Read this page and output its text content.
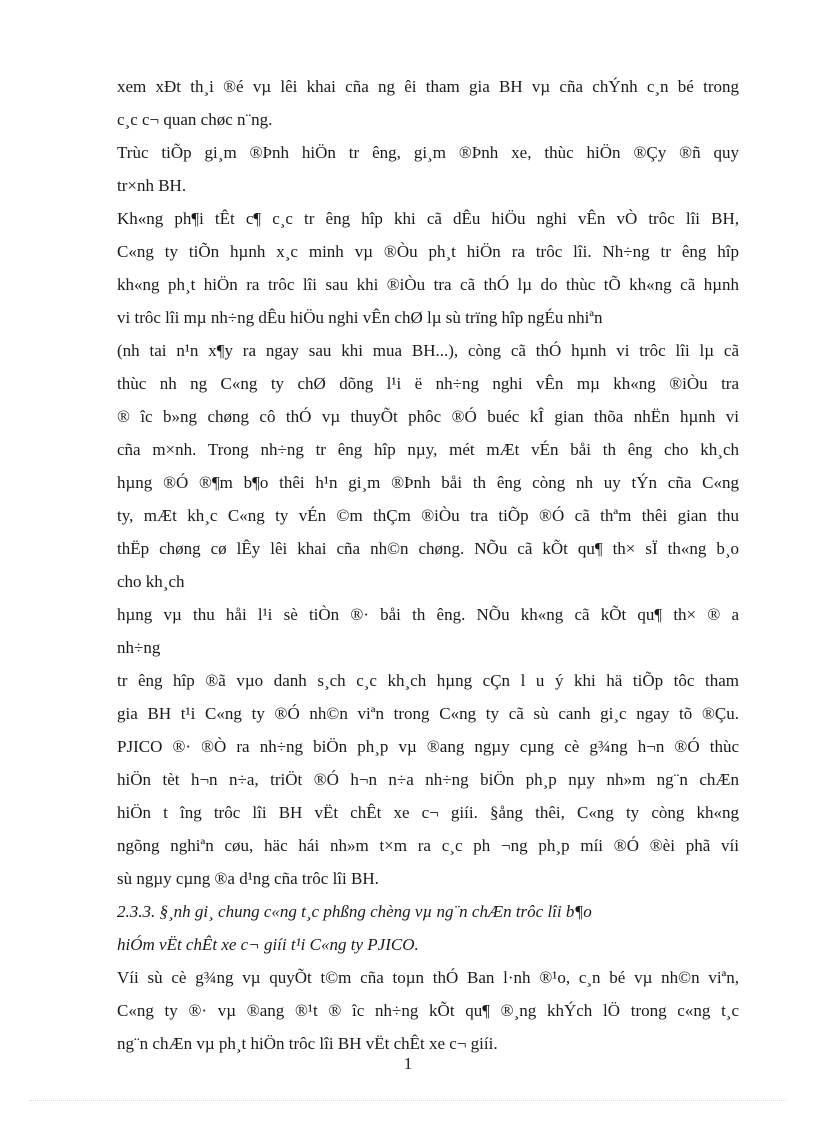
xem xÐt th¸i ®é vµ lêi khai cña ng êi tham gia BH vµ cña chÝnh c¸n bé trong
c¸c c¬ quan chøc n¨ng.
Trùc tiÕp gi¸m ®Þnh hiÖn tr êng, gi¸m ®Þnh xe, thùc hiÖn ®Çy ®ñ quy
tr×nh BH.
Kh«ng ph¶i tÊt c¶ c¸c tr êng hîp khi cã dÊu hiÖu nghi vÊn vÒ trôc lîi BH,
C«ng ty tiÕn hµnh x¸c minh vµ ®Òu ph¸t hiÖn ra trôc lîi. Nh÷ng tr êng hîp
kh«ng ph¸t hiÖn ra trôc lîi sau khi ®iÒu tra cã thÓ lµ do thùc tÕ kh«ng cã hµnh
vi trôc lîi mµ nh÷ng dÊu hiÖu nghi vÊn chØ lµ sù trïng hîp ngÉu nhiªn
(nh tai n¹n x¶y ra ngay sau khi mua BH...), còng cã thÓ hµnh vi trôc lîi lµ cã
thùc nh ng C«ng ty chØ dõng l¹i ë nh÷ng nghi vÊn mµ kh«ng ®iÒu tra
® îc b»ng chøng cô thÓ vµ thuyÕt phôc ®Ó buéc kÎ gian thõa nhËn hµnh vi
cña m×nh. Trong nh÷ng tr êng hîp nµy, mét mÆt vÉn båi th êng cho kh¸ch
hµng ®Ó ®¶m b¶o thêi h¹n gi¸m ®Þnh båi th êng còng nh uy tÝn cña C«ng
ty, mÆt kh¸c C«ng ty vÉn ©m thÇm ®iÒu tra tiÕp ®Ó cã thªm thêi gian thu
thËp chøng cø lÊy lêi khai cña nh©n chøng. NÕu cã kÕt qu¶ th× sÏ th«ng b¸o
cho kh¸ch
hµng vµ thu håi l¹i sè tiÒn ®· båi th êng. NÕu kh«ng cã kÕt qu¶ th× ® a
nh÷ng
tr êng hîp ®ã vµo danh s¸ch c¸c kh¸ch hµng cÇn l u ý khi hä tiÕp tôc tham
gia BH t¹i C«ng ty ®Ó nh©n viªn trong C«ng ty cã sù canh gi¸c ngay tõ ®Çu.
PJICO ®· ®Ò ra nh÷ng biÖn ph¸p vµ ®ang ngµy cµng cè g¾ng h¬n ®Ó thùc
hiÖn tèt h¬n n÷a, triÖt ®Ó h¬n n÷a nh÷ng biÖn ph¸p nµy nh»m ng¨n chÆn
hiÖn t îng trôc lîi BH vËt chÊt xe c¬ giíi. §ång thêi, C«ng ty còng kh«ng
ngõng nghiªn cøu, häc hái nh»m t×m ra c¸c ph ¬ng ph¸p míi ®Ó ®èi phã víi
sù ngµy cµng ®a d¹ng cña trôc lîi BH.
2.3.3. §¸nh gi¸ chung c«ng t¸c phßng chèng vµ ng¨n chÆn trôc lîi b¶o
hiÓm vËt chÊt xe c¬ giíi t¹i C«ng ty PJICO.
Víi sù cè g¾ng vµ quyÕt t©m cña toµn thÓ Ban l·nh ®¹o, c¸n bé vµ nh©n viªn,
C«ng ty ®· vµ ®ang ®¹t ® îc nh÷ng kÕt qu¶ ®¸ng khÝch lÖ trong c«ng t¸c
ng¨n chÆn vµ ph¸t hiÖn trôc lîi BH vËt chÊt xe c¬ giíi.
1
